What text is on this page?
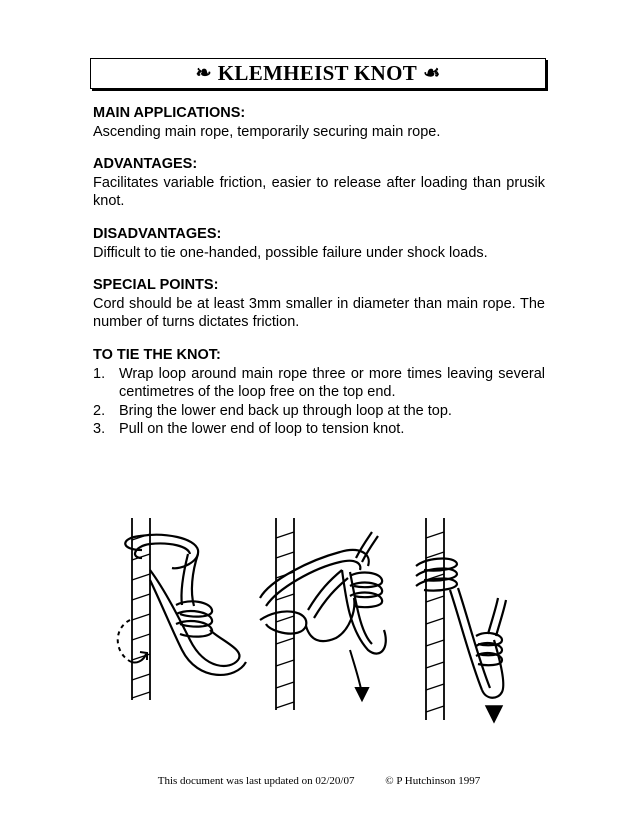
❧ KLEMHEIST KNOT ☙
MAIN APPLICATIONS:
Ascending main rope, temporarily securing main rope.
ADVANTAGES:
Facilitates variable friction, easier to release after loading than prusik knot.
DISADVANTAGES:
Difficult to tie one-handed, possible failure under shock loads.
SPECIAL POINTS:
Cord should be at least 3mm smaller in diameter than main rope. The number of turns dictates friction.
TO TIE THE KNOT:
1. Wrap loop around main rope three or more times leaving several centimetres of the loop free on the top end.
2. Bring the lower end back up through loop at the top.
3. Pull on the lower end of loop to tension knot.
This document was last updated on 02/20/07	© P Hutchinson 1997
